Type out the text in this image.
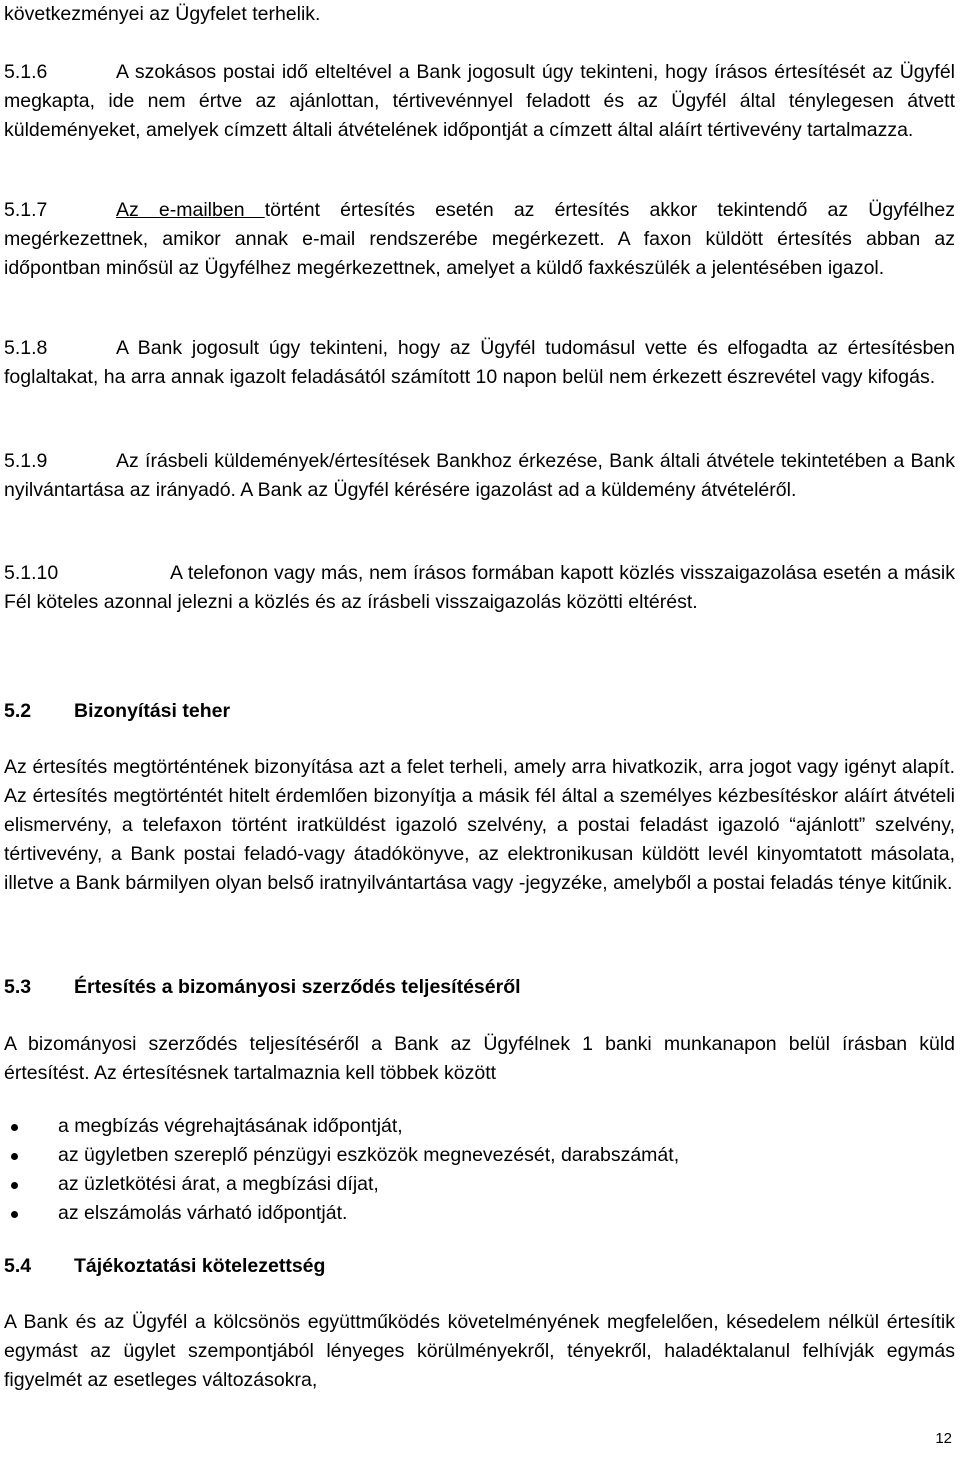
következményei az Ügyfelet terhelik.

5.1.6	A szokásos postai idő elteltével a Bank jogosult úgy tekinteni, hogy írásos értesítését az Ügyfél megkapta, ide nem értve az ajánlottan, tértivevénnyel feladott és az Ügyfél által ténylegesen átvett küldeményeket, amelyek címzett általi átvételének időpontját a címzett által aláírt tértivevény tartalmazza.

5.1.7	Az e-mailben történt értesítés esetén az értesítés akkor tekintendő az Ügyfélhez megérkezettnek, amikor annak e-mail rendszerébe megérkezett. A faxon küldött értesítés abban az időpontban minősül az Ügyfélhez megérkezettnek, amelyet a küldő faxkészülék a jelentésében igazol.

5.1.8	A Bank jogosult úgy tekinteni, hogy az Ügyfél tudomásul vette és elfogadta az értesítésben foglaltakat, ha arra annak igazolt feladásától számított 10 napon belül nem érkezett észrevétel vagy kifogás.

5.1.9	Az írásbeli küldemények/értesítések Bankhoz érkezése, Bank általi átvétele tekintetében a Bank nyilvántartása az irányadó. A Bank az Ügyfél kérésére igazolást ad a küldemény átvételéről.

5.1.10	A telefonon vagy más, nem írásos formában kapott közlés visszaigazolása esetén a másik Fél köteles azonnal jelezni a közlés és az írásbeli visszaigazolás közötti eltérést.

5.2 Bizonyítási teher

Az értesítés megtörténtének bizonyítása azt a felet terheli, amely arra hivatkozik, arra jogot vagy igényt alapít. Az értesítés megtörténtét hitelt érdemlően bizonyítja a másik fél által a személyes kézbesítéskor aláírt átvételi elismervény, a telefaxon történt iratküldést igazoló szelvény, a postai feladást igazoló “ajánlott” szelvény, tértivevény, a Bank postai feladó-vagy átadókönyve, az elektronikusan küldött levél kinyomtatott másolata, illetve a Bank bármilyen olyan belső iratnyilvántartása vagy -jegyzéke, amelyből a postai feladás ténye kitűnik.

5.3 Értesítés a bizományosi szerződés teljesítéséről

A bizományosi szerződés teljesítéséről a Bank az Ügyfélnek 1 banki munkanapon belül írásban küld értesítést. Az értesítésnek tartalmaznia kell többek között

a megbízás végrehajtásának időpontját,
az ügyletben szereplő pénzügyi eszközök megnevezését, darabszámát,
az üzletkötési árat, a megbízási díjat,
az elszámolás várható időpontját.
5.4 Tájékoztatási kötelezettség

A Bank és az Ügyfél a kölcsönös együttműködés követelményének megfelelően, késedelem nélkül értesítik egymást az ügylet szempontjából lényeges körülményekről, tényekről, haladéktalanul felhívják egymás figyelmét az esetleges változásokra,

12
